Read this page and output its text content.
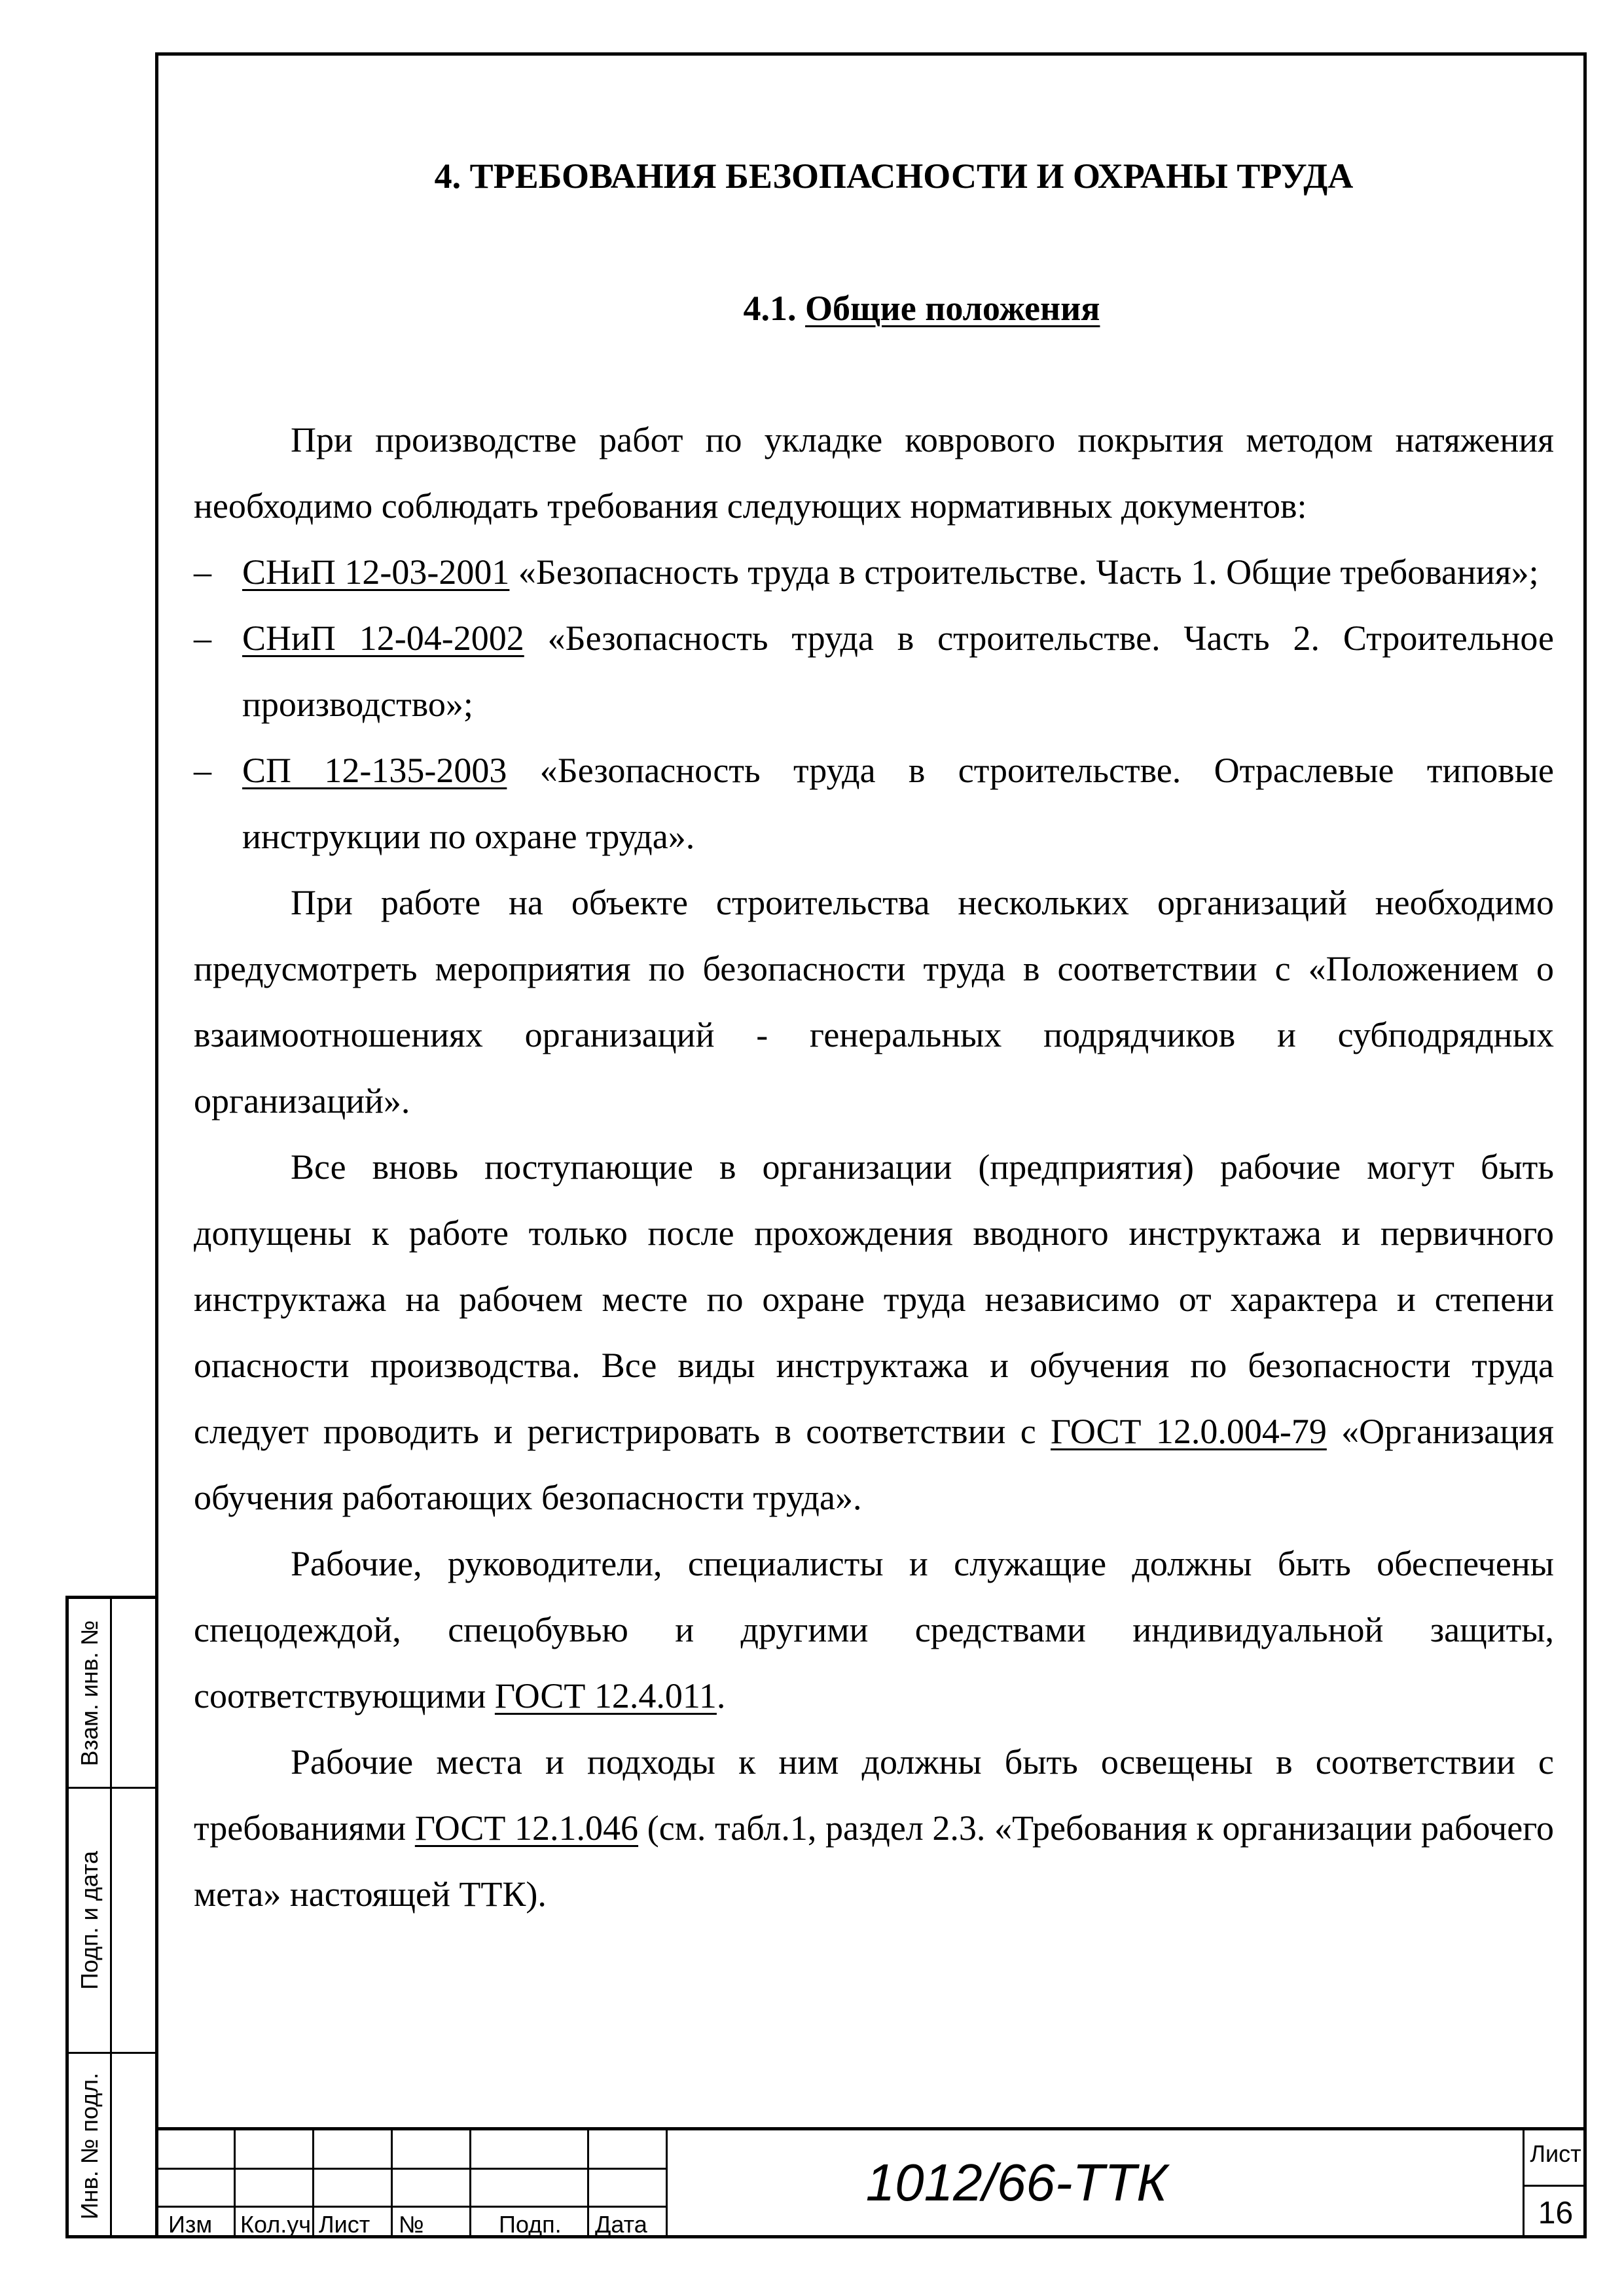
4. ТРЕБОВАНИЯ БЕЗОПАСНОСТИ И ОХРАНЫ ТРУДА
4.1. Общие положения

При производстве работ по укладке коврового покрытия методом натяжения необходимо соблюдать требования следующих нормативных документов:

– СНиП 12-03-2001 «Безопасность труда в строительстве. Часть 1. Общие требования»;

– СНиП 12-04-2002 «Безопасность труда в строительстве. Часть 2. Строительное производство»;

– СП 12-135-2003 «Безопасность труда в строительстве. Отраслевые типовые инструкции по охране труда».

При работе на объекте строительства нескольких организаций необходимо предусмотреть мероприятия по безопасности труда в соответствии с «Положением о взаимоотношениях организаций - генеральных подрядчиков и субподрядных организаций».

Все вновь поступающие в организации (предприятия) рабочие могут быть допущены к работе только после прохождения вводного инструктажа и первичного инструктажа на рабочем месте по охране труда независимо от характера и степени опасности производства. Все виды инструктажа и обучения по безопасности труда следует проводить и регистрировать в соответствии с ГОСТ 12.0.004-79 «Организация обучения работающих безопасности труда».

Рабочие, руководители, специалисты и служащие должны быть обеспечены спецодеждой, спецобувью и другими средствами индивидуальной защиты, соответствующими ГОСТ 12.4.011.

Рабочие места и подходы к ним должны быть освещены в соответствии с требованиями ГОСТ 12.1.046 (см. табл.1, раздел 2.3. «Требования к организации рабочего мета» настоящей ТТК).

Взам. инв. №
Подп. и дата
Инв. № подл.
Изм	Кол.уч Лист	№	Подп.	Дата
1012/66-ТТК	Лист
16
